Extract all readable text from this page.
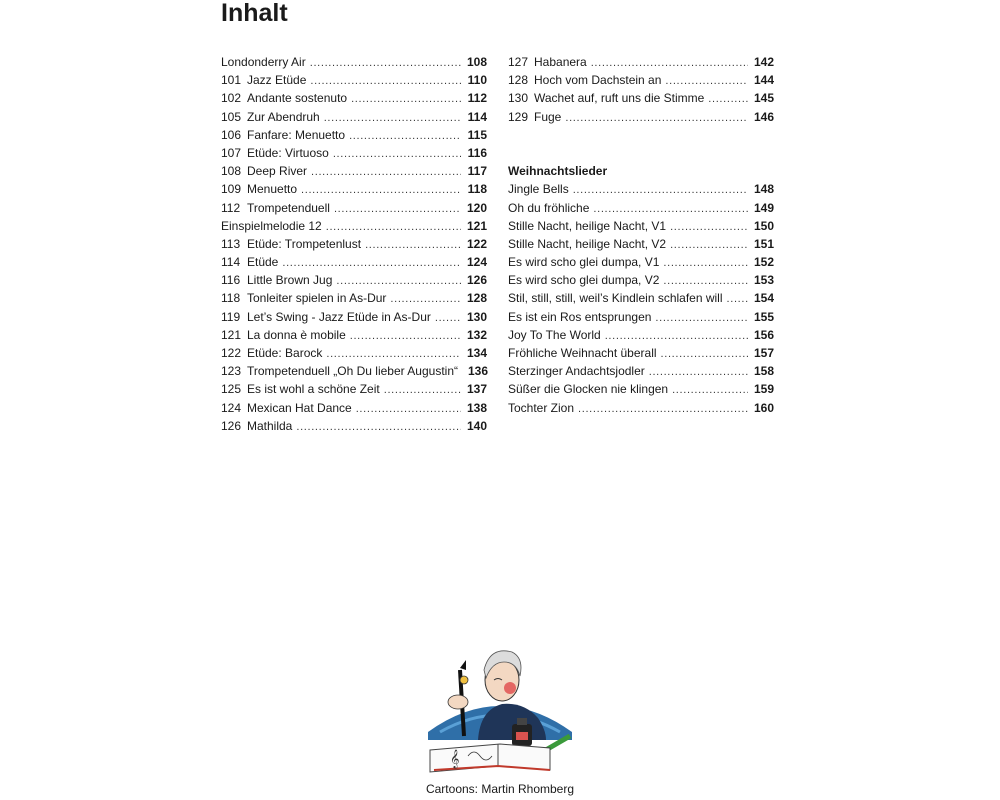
Inhalt
Londonderry Air . . .	108
101 Jazz Etüde . . .	110
102 Andante sostenuto . . .	112
105 Zur Abendruh . . .	114
106 Fanfare: Menuetto . . .	115
107 Etüde: Virtuoso . . .	116
108 Deep River . . .	117
109 Menuetto . . .	118
112 Trompetenduell . . .	120
Einspielmelodie 12 . . .	121
113 Etüde: Trompetenlust . . .	122
114 Etüde . . .	124
116 Little Brown Jug . . .	126
118 Tonleiter spielen in As-Dur . . .	128
119 Let’s Swing - Jazz Etüde in As-Dur . . .	130
121 La donna è mobile . . .	132
122 Etüde: Barock . . .	134
123 Trompetenduell „Oh Du lieber Augustin“ 136
125 Es ist wohl a schöne Zeit . . .	137
124 Mexican Hat Dance . . .	138
126 Mathilda . . .	140
127 Habanera . . .	142
128 Hoch vom Dachstein an . . .	144
130 Wachet auf, ruft uns die Stimme . . .	145
129 Fuge . . .	146
Weihnachtslieder
Jingle Bells . . .	148
Oh du fröhliche . . .	149
Stille Nacht, heilige Nacht, V1 . . .	150
Stille Nacht, heilige Nacht, V2 . . .	151
Es wird scho glei dumpa, V1 . . .	152
Es wird scho glei dumpa, V2 . . .	153
Stil, still, still, weil’s Kindlein schlafen will . . .	154
Es ist ein Ros entsprungen . . .	155
Joy To The World . . .	156
Fröhliche Weihnacht überall . . .	157
Sterzinger Andachtsjodler . . .	158
Süßer die Glocken nie klingen . . .	159
Tochter Zion . . .	160
𝄞
Cartoons: Martin Rhomberg
